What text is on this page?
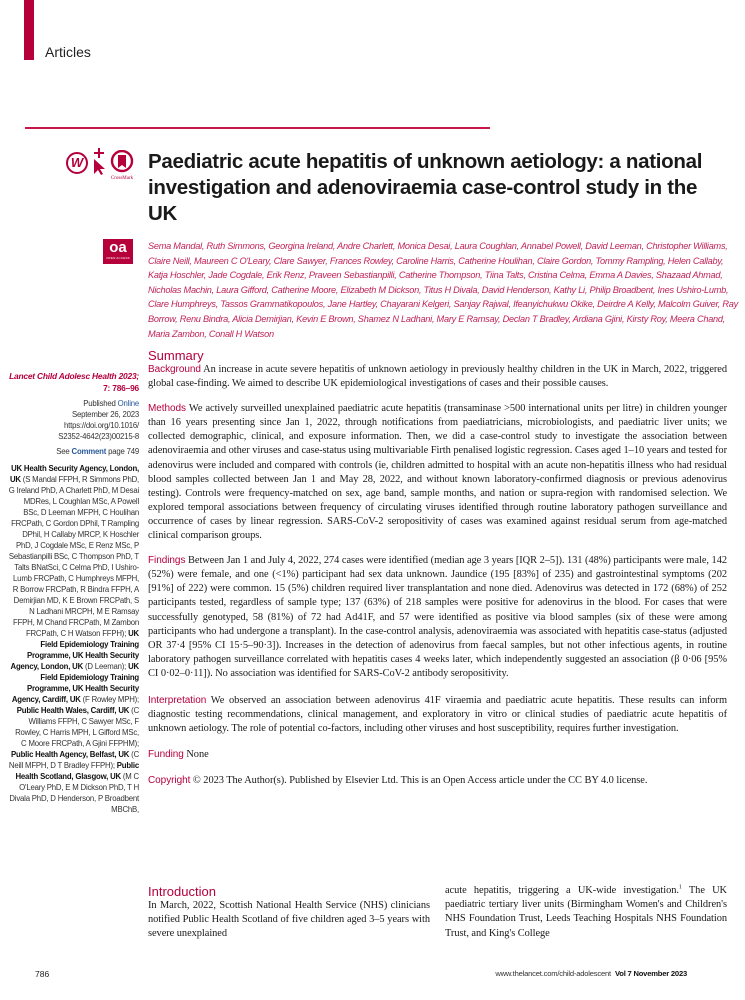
Articles
W
CrossMark
Paediatric acute hepatitis of unknown aetiology: a national investigation and adenoviraemia case-control study in the UK
oa
OPEN ACCESS

Sema Mandal, Ruth Simmons, Georgina Ireland, Andre Charlett, Monica Desai, Laura Coughlan, Annabel Powell, David Leeman, Christopher Williams, Claire Neill, Maureen C O'Leary, Clare Sawyer, Frances Rowley, Caroline Harris, Catherine Houlihan, Claire Gordon, Tommy Rampling, Helen Callaby, Katja Hoschler, Jade Cogdale, Erik Renz, Praveen Sebastianpilli, Catherine Thompson, Tiina Talts, Cristina Celma, Emma A Davies, Shazaad Ahmad, Nicholas Machin, Laura Gifford, Catherine Moore, Elizabeth M Dickson, Titus H Divala, David Henderson, Kathy Li, Philip Broadbent, Ines Ushiro-Lumb, Clare Humphreys, Tassos Grammatikopoulos, Jane Hartley, Chayarani Kelgeri, Sanjay Rajwal, Ifeanyichukwu Okike, Deirdre A Kelly, Malcolm Guiver, Ray Borrow, Renu Bindra, Alicia Demirjian, Kevin E Brown, Shamez N Ladhani, Mary E Ramsay, Declan T Bradley, Ardiana Gjini, Kirsty Roy, Meera Chand, Maria Zambon, Conall H Watson

Lancet Child Adolesc Health 2023;
7: 786–96
Published Online
September 26, 2023
https://doi.org/10.1016/
S2352-4642(23)00215-8
See Comment page 749
UK Health Security Agency, London, UK (S Mandal FFPH, R Simmons PhD, G Ireland PhD, A Charlett PhD, M Desai MDRes, L Coughlan MSc, A Powell BSc, D Leeman MFPH, C Houlihan FRCPath, C Gordon DPhil, T Rampling DPhil, H Callaby MRCP, K Hoschler PhD, J Cogdale MSc, E Renz MSc, P Sebastianpilli BSc, C Thompson PhD, T Talts BNatSci, C Celma PhD, I Ushiro-Lumb FRCPath, C Humphreys MFPH, R Borrow FRCPath, R Bindra FFPH, A Demirjian MD, K E Brown FRCPath, S N Ladhani MRCPH, M E Ramsay FFPH, M Chand FRCPath, M Zambon FRCPath, C H Watson FFPH); UK Field Epidemiology Training Programme, UK Health Security Agency, London, UK (D Leeman); UK Field Epidemiology Training Programme, UK Health Security Agency, Cardiff, UK (F Rowley MPH); Public Health Wales, Cardiff, UK (C Williams FFPH, C Sawyer MSc, F Rowley, C Harris MPH, L Gifford MSc, C Moore FRCPath, A Gjini FFPHM); Public Health Agency, Belfast, UK (C Neill MFPH, D T Bradley FFPH); Public Health Scotland, Glasgow, UK (M C O'Leary PhD, E M Dickson PhD, T H Divala PhD, D Henderson, P Broadbent MBChB,
Summary

Background An increase in acute severe hepatitis of unknown aetiology in previously healthy children in the UK in March, 2022, triggered global case-finding. We aimed to describe UK epidemiological investigations of cases and their possible causes.

Methods We actively surveilled unexplained paediatric acute hepatitis (transaminase >500 international units per litre) in children younger than 16 years presenting since Jan 1, 2022, through notifications from paediatricians, microbiologists, and paediatric liver units; we collected demographic, clinical, and exposure information. Then, we did a case-control study to investigate the association between adenoviraemia and other viruses and case-status using multivariable Firth penalised logistic regression. Cases aged 1–10 years and tested for adenovirus were included and compared with controls (ie, children admitted to hospital with an acute non-hepatitis illness who had residual blood samples collected between Jan 1 and May 28, 2022, and without known laboratory-confirmed diagnosis or previous adenovirus testing). Controls were frequency-matched on sex, age band, sample months, and nation or supra-region with randomised selection. We explored temporal associations between frequency of circulating viruses identified through routine laboratory pathogen surveillance and occurrence of cases by linear regression. SARS-CoV-2 seropositivity of cases was examined against residual serum from age-matched clinical comparison groups.

Findings Between Jan 1 and July 4, 2022, 274 cases were identified (median age 3 years [IQR 2–5]). 131 (48%) participants were male, 142 (52%) were female, and one (<1%) participant had sex data unknown. Jaundice (195 [83%] of 235) and gastrointestinal symptoms (202 [91%] of 222) were common. 15 (5%) children required liver transplantation and none died. Adenovirus was detected in 172 (68%) of 252 participants tested, regardless of sample type; 137 (63%) of 218 samples were positive for adenovirus in the blood. For cases that were successfully genotyped, 58 (81%) of 72 had Ad41F, and 57 were identified as positive via blood samples (six of these were among participants who had undergone a transplant). In the case-control analysis, adenoviraemia was associated with hepatitis case-status (adjusted OR 37·4 [95% CI 15·5–90·3]). Increases in the detection of adenovirus from faecal samples, but not other infectious agents, in routine laboratory pathogen surveillance correlated with hepatitis cases 4 weeks later, which independently suggested an association (β 0·06 [95% CI 0·02–0·11]). No association was identified for SARS-CoV-2 antibody seropositivity.

Interpretation We observed an association between adenovirus 41F viraemia and paediatric acute hepatitis. These results can inform diagnostic testing recommendations, clinical management, and exploratory in vitro or clinical studies of paediatric acute hepatitis of unknown aetiology. The role of potential co-factors, including other viruses and host susceptibility, requires further investigation.

Funding None

Copyright © 2023 The Author(s). Published by Elsevier Ltd. This is an Open Access article under the CC BY 4.0 license.

Introduction

In March, 2022, Scottish National Health Service (NHS) clinicians notified Public Health Scotland of five children aged 3–5 years with severe unexplained

acute hepatitis, triggering a UK-wide investigation.$^1$ The UK paediatric tertiary liver units (Birmingham Women's and Children's NHS Foundation Trust, Leeds Teaching Hospitals NHS Foundation Trust, and King's College

786	www.thelancet.com/child-adolescent Vol 7 November 2023
